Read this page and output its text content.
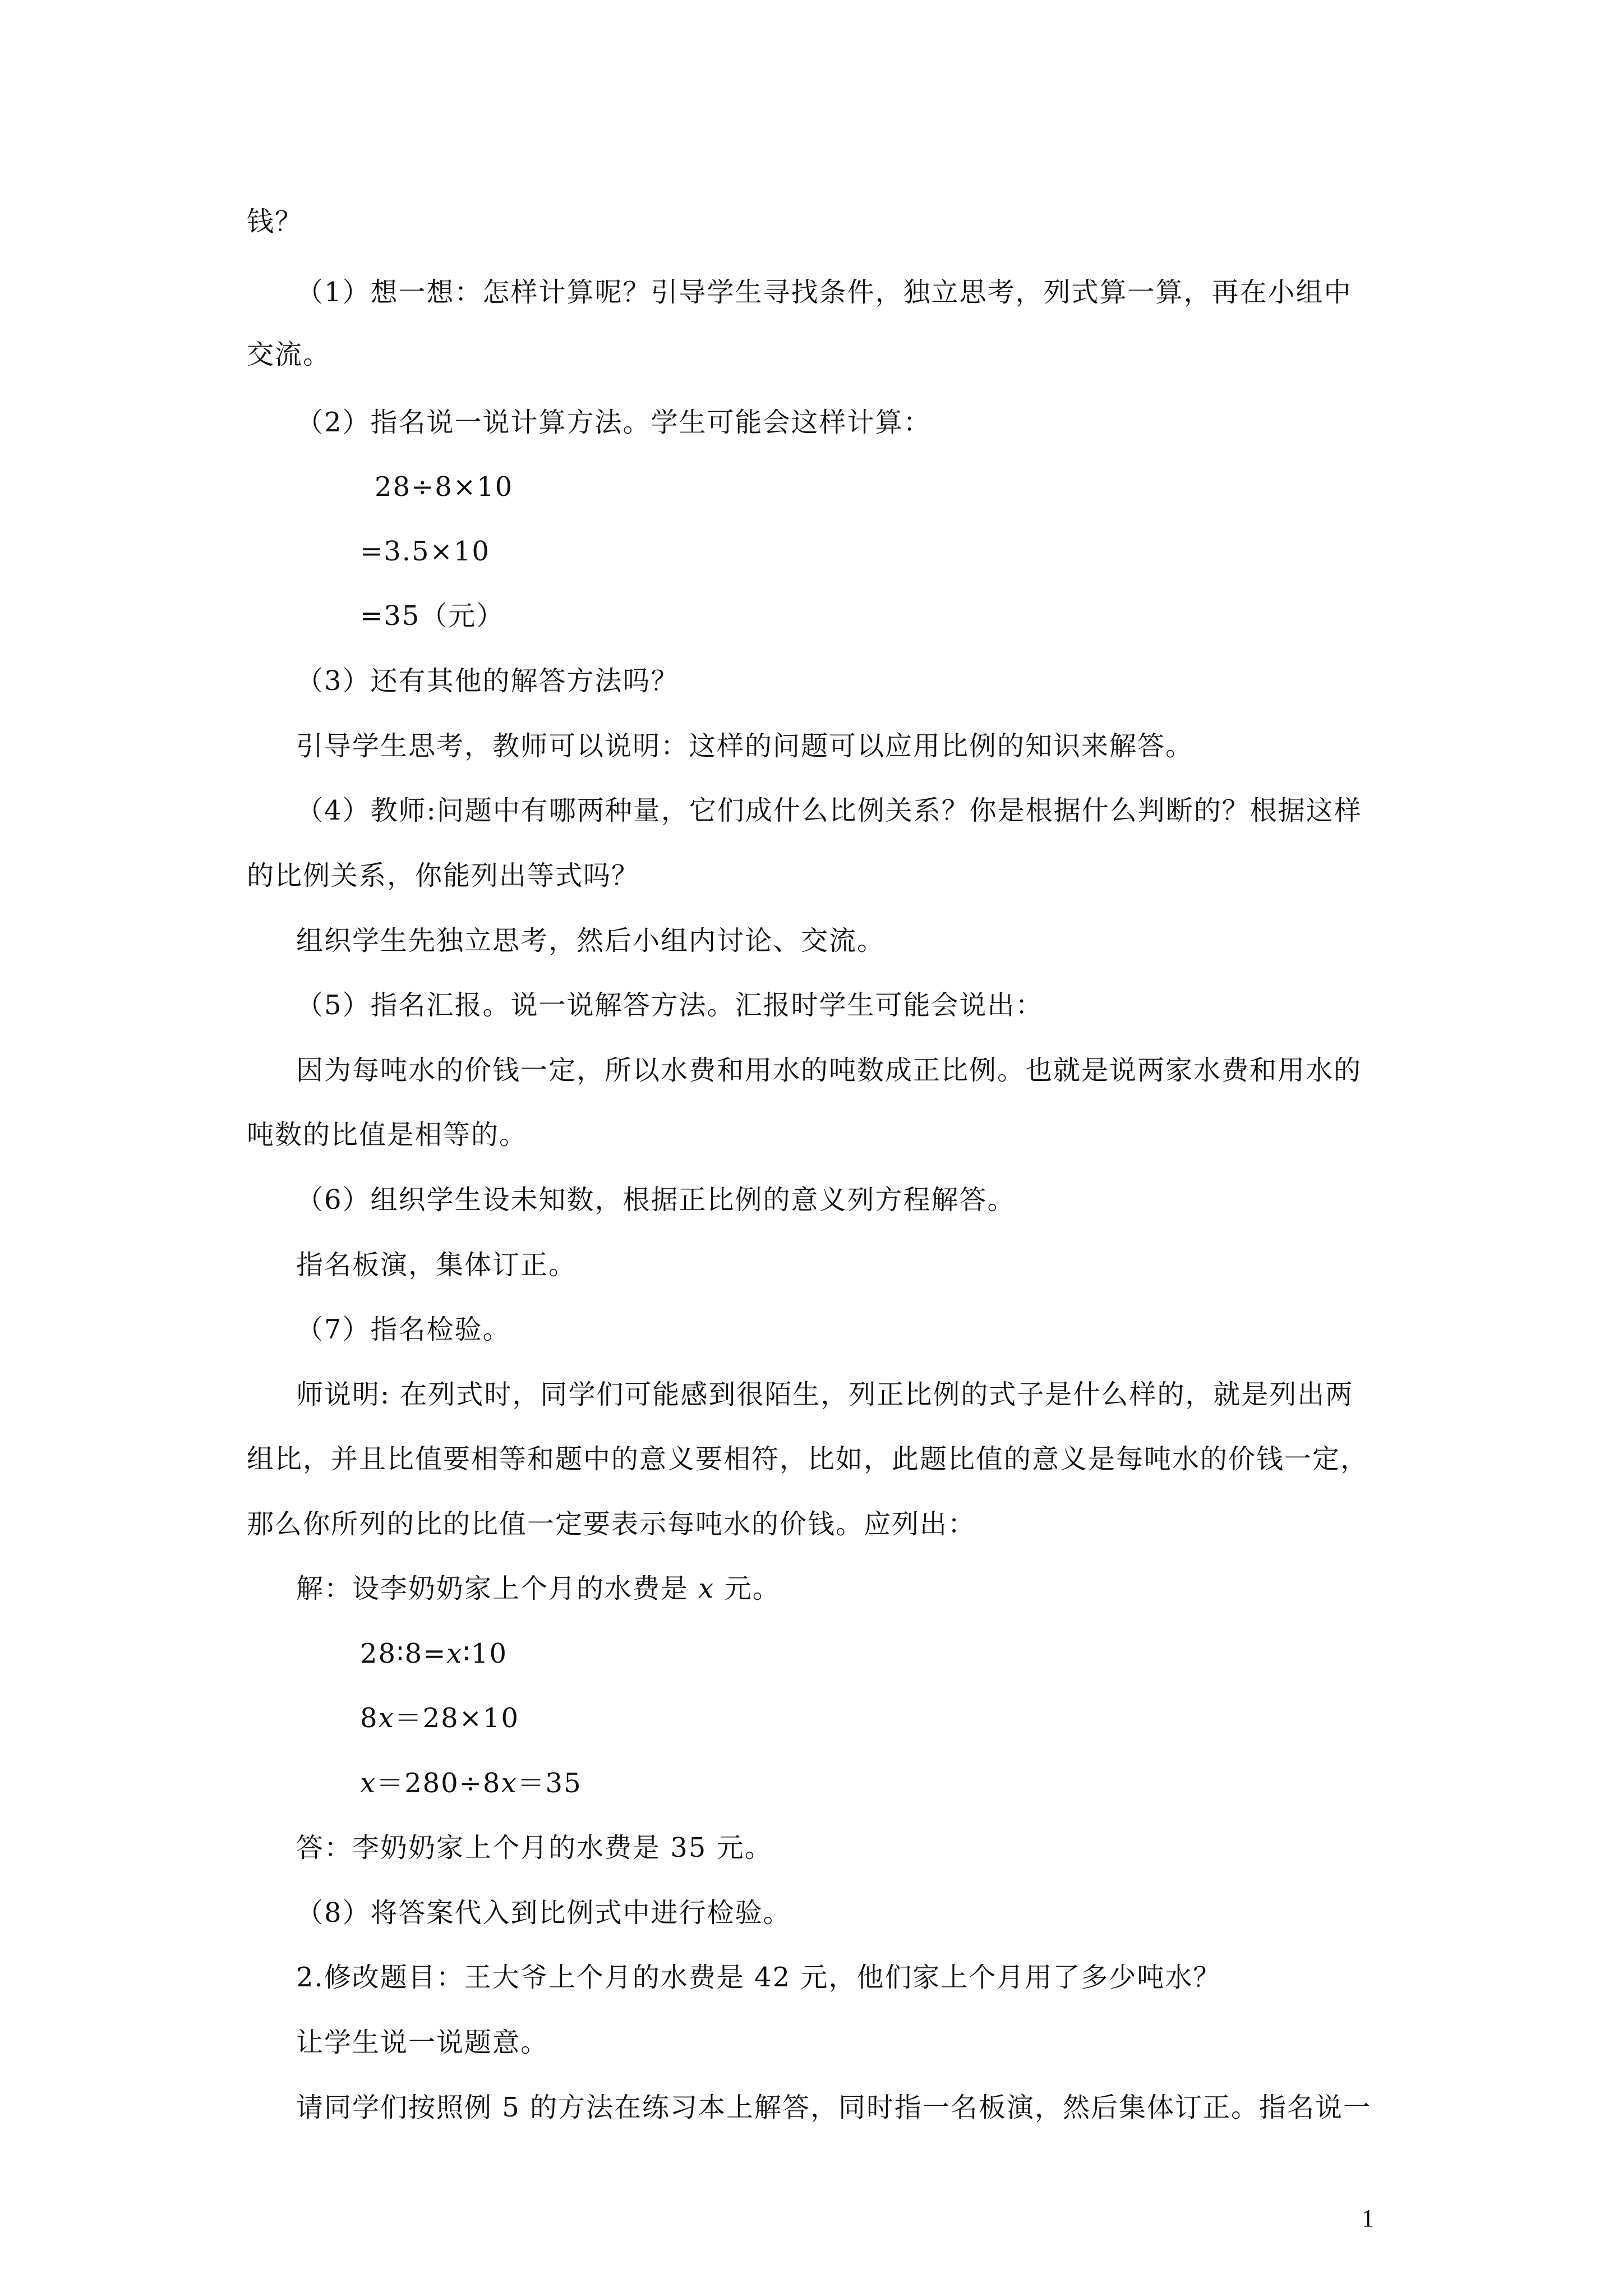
钱？
（1）想一想：怎样计算呢？引导学生寻找条件，独立思考，列式算一算，再在小组中
交流。
（2）指名说一说计算方法。学生可能会这样计算：
28÷8×10
=3.5×10
=35（元）
（3）还有其他的解答方法吗？
引导学生思考，教师可以说明：这样的问题可以应用比例的知识来解答。
（4）教师:问题中有哪两种量，它们成什么比例关系？你是根据什么判断的？根据这样
的比例关系，你能列出等式吗？
组织学生先独立思考，然后小组内讨论、交流。
（5）指名汇报。说一说解答方法。汇报时学生可能会说出：
因为每吨水的价钱一定，所以水费和用水的吨数成正比例。也就是说两家水费和用水的
吨数的比值是相等的。
（6）组织学生设未知数，根据正比例的意义列方程解答。
指名板演，集体订正。
（7）指名检验。
师说明: 在列式时，同学们可能感到很陌生，列正比例的式子是什么样的，就是列出两
组比，并且比值要相等和题中的意义要相符，比如，此题比值的意义是每吨水的价钱一定，
那么你所列的比的比值一定要表示每吨水的价钱。应列出：
解：设李奶奶家上个月的水费是 x 元。
28∶8=x∶10
8x＝28×10
x＝280÷8x＝35
答：李奶奶家上个月的水费是 35 元。
（8）将答案代入到比例式中进行检验。
2.修改题目：王大爷上个月的水费是 42 元，他们家上个月用了多少吨水？
让学生说一说题意。
请同学们按照例 5 的方法在练习本上解答，同时指一名板演，然后集体订正。指名说一
1
